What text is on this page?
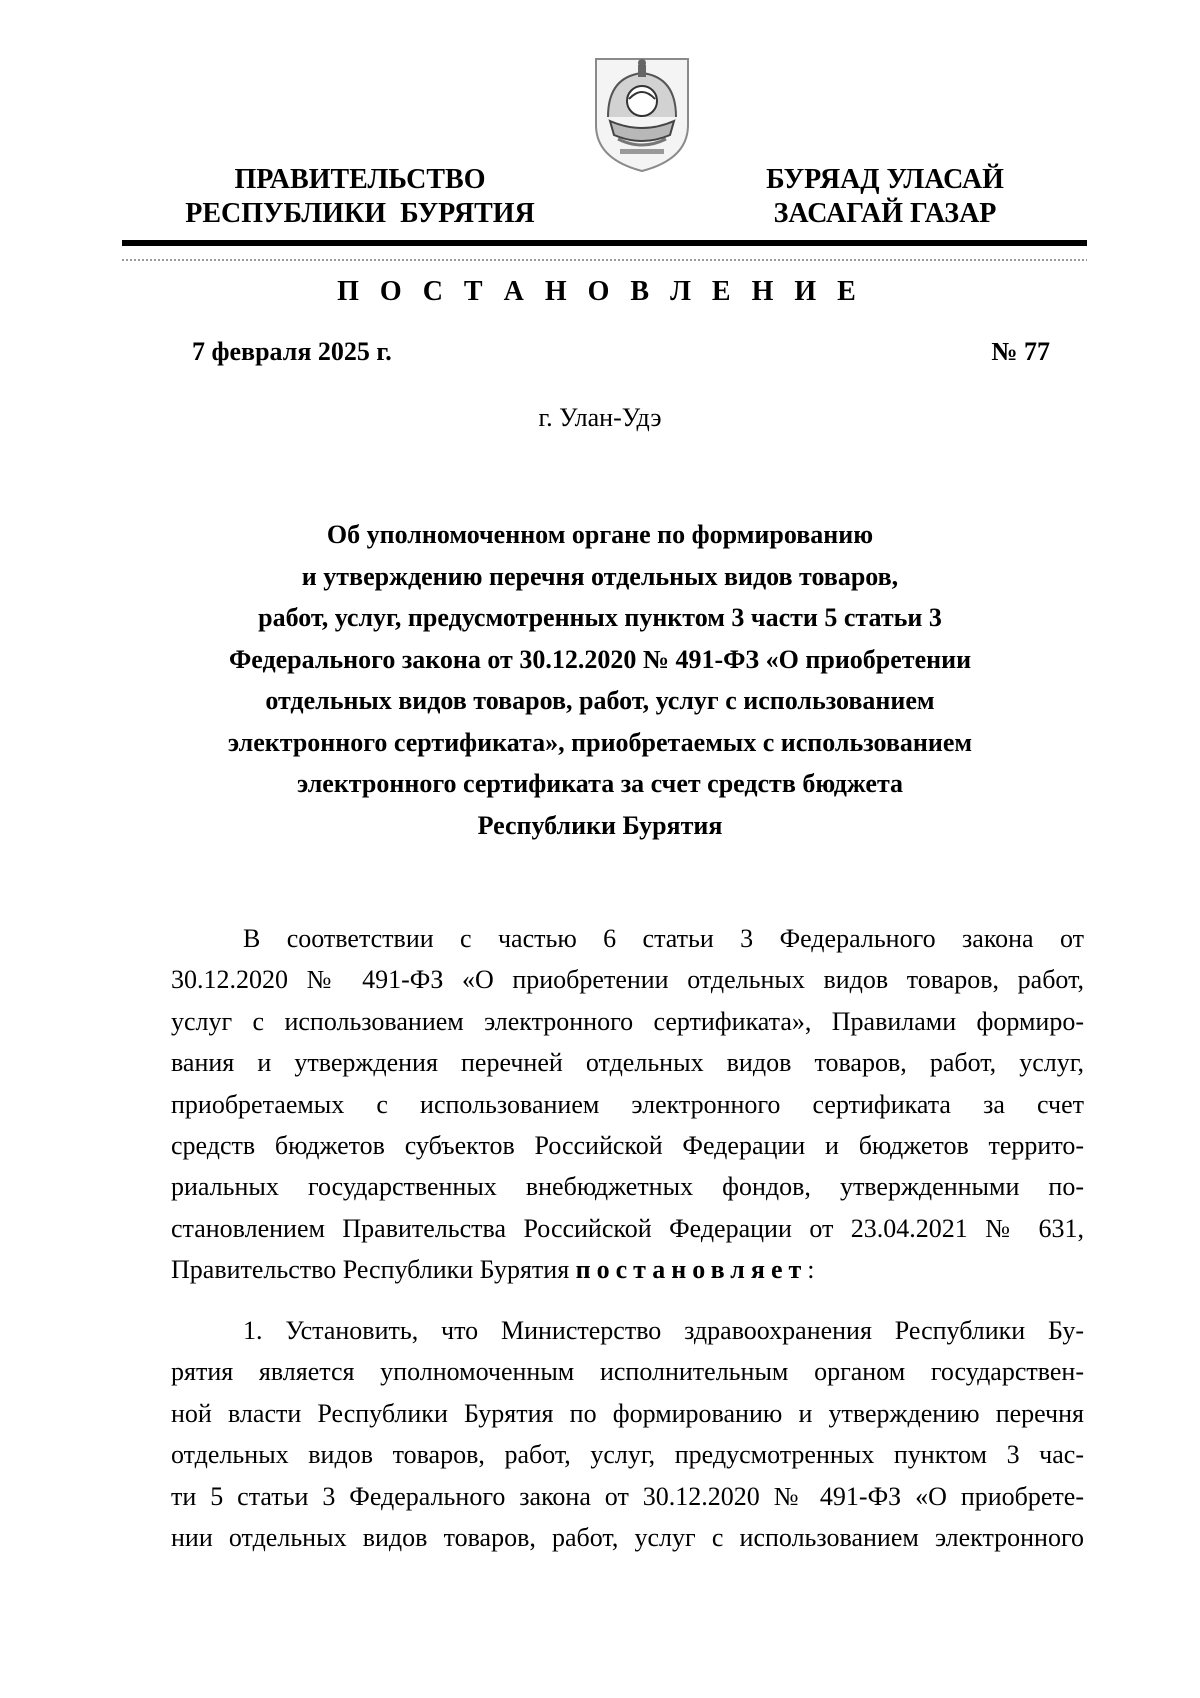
ПРАВИТЕЛЬСТВО
РЕСПУБЛИКИ  БУРЯТИЯ

БУРЯАД УЛАСАЙ
ЗАСАГАЙ ГАЗАР

П О С Т А Н О В Л Е Н И Е

7 февраля 2025 г.	№ 77

г. Улан-Удэ

Об уполномоченном органе по формированию
и утверждению перечня отдельных видов товаров,
работ, услуг, предусмотренных пунктом 3 части 5 статьи 3
Федерального закона от 30.12.2020 № 491-ФЗ «О приобретении
отдельных видов товаров, работ, услуг с использованием
электронного сертификата», приобретаемых с использованием
электронного сертификата за счет средств бюджета
Республики Бурятия

В соответствии с частью 6 статьи 3 Федерального закона от
30.12.2020 № 491-ФЗ «О приобретении отдельных видов товаров, работ,
услуг с использованием электронного сертификата», Правилами формиро-
вания и утверждения перечней отдельных видов товаров, работ, услуг,
приобретаемых с использованием электронного сертификата за счет
средств бюджетов субъектов Российской Федерации и бюджетов террито-
риальных государственных внебюджетных фондов, утвержденными по-
становлением Правительства Российской Федерации от 23.04.2021 № 631,
Правительство Республики Бурятия постановляет:

1. Установить, что Министерство здравоохранения Республики Бу-
рятия является уполномоченным исполнительным органом государствен-
ной власти Республики Бурятия по формированию и утверждению перечня
отдельных видов товаров, работ, услуг, предусмотренных пунктом 3 час-
ти 5 статьи 3 Федерального закона от 30.12.2020 № 491-ФЗ «О приобрете-
нии отдельных видов товаров, работ, услуг с использованием электронного
